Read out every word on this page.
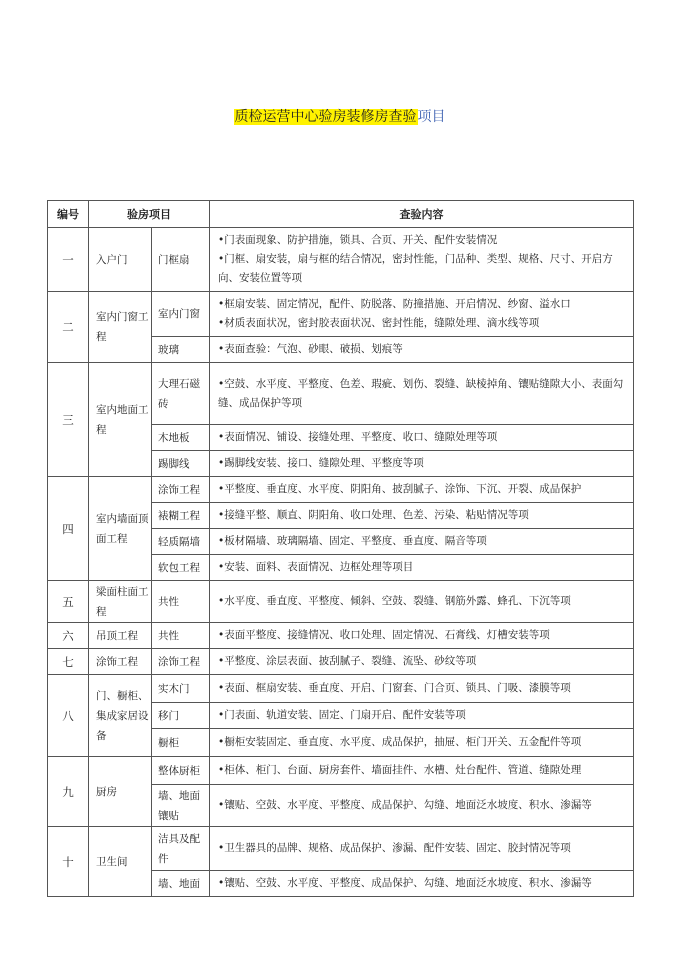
质检运营中心验房装修房查验项目
编号	验房项目		查验内容
一	入户门	门框扇	•门表面现象、防护措施，锁具、合页、开关、配件安装情况
•门框、扇安装，扇与框的结合情况，密封性能，门品种、类型、规格、尺寸、开启方向、安装位置等项

二	室内门窗工程	室内门窗	•框扇安装、固定情况，配件、防脱落、防撞措施、开启情况、纱窗、溢水口
•材质表面状况，密封胶表面状况、密封性能，缝隙处理、滴水线等项

		玻璃	•表面查验：气泡、砂眼、破损、划痕等

三	室内地面工程	大理石磁砖	•空鼓、水平度、平整度、色差、瑕疵、划伤、裂缝、缺棱掉角、镶贴缝隙大小、表面勾缝、成品保护等项

		木地板	•表面情况、铺设、接缝处理、平整度、收口、缝隙处理等项

		踢脚线	•踢脚线安装、接口、缝隙处理、平整度等项

四	室内墙面顶面工程	涂饰工程	•平整度、垂直度、水平度、阴阳角、披刮腻子、涂饰、下沉、开裂、成品保护

		裱糊工程	•接缝平整、顺直、阴阳角、收口处理、色差、污染、粘贴情况等项

		轻质隔墙	•板材隔墙、玻璃隔墙、固定、平整度、垂直度、隔音等项

		软包工程	•安装、面料、表面情况、边框处理等项目

五	梁面柱面工程	共性	•水平度、垂直度、平整度、倾斜、空鼓、裂缝、钢筋外露、蜂孔、下沉等项

六	吊顶工程	共性	•表面平整度、接缝情况、收口处理、固定情况、石膏线、灯槽安装等项

七	涂饰工程	涂饰工程	•平整度、涂层表面、披刮腻子、裂缝、流坠、砂纹等项

八	门、橱柜、集成家居设备	实木门	•表面、框扇安装、垂直度、开启、门窗套、门合页、锁具、门吸、漆膜等项

		移门	•门表面、轨道安装、固定、门扇开启、配件安装等项

		橱柜	•橱柜安装固定、垂直度、水平度、成品保护，抽屉、柜门开关、五金配件等项

九	厨房	整体厨柜	•柜体、柜门、台面、厨房套件、墙面挂件、水槽、灶台配件、管道、缝隙处理

		墙、地面镶贴	•镶贴、空鼓、水平度、平整度、成品保护、勾缝、地面泛水坡度、积水、渗漏等

十	卫生间	洁具及配件	•卫生器具的品牌、规格、成品保护、渗漏、配件安装、固定、胶封情况等项

		墙、地面	•镶贴、空鼓、水平度、平整度、成品保护、勾缝、地面泛水坡度、积水、渗漏等
